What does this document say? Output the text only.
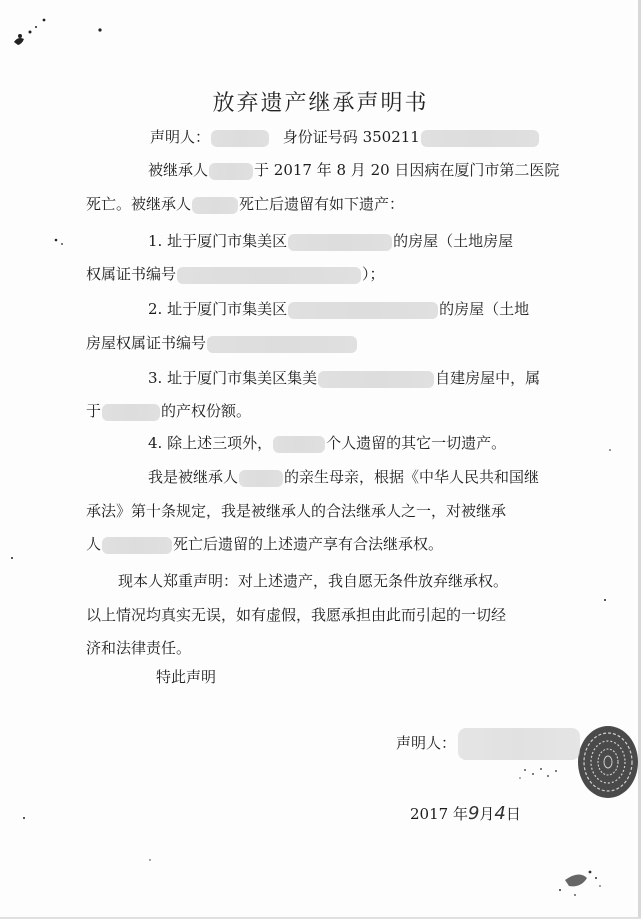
放弃遗产继承声明书
声明人：	身份证号码 350211
被继承人	于 2017 年 8 月 20 日因病在厦门市第二医院
死亡。被继承人	死亡后遗留有如下遗产：
1. 址于厦门市集美区	的房屋（土地房屋
权属证书编号	）；
2. 址于厦门市集美区	的房屋（土地
房屋权属证书编号
3. 址于厦门市集美区集美	自建房屋中，属
于	的产权份额。
4. 除上述三项外，	个人遗留的其它一切遗产。
我是被继承人	的亲生母亲，根据《中华人民共和国继
承法》第十条规定，我是被继承人的合法继承人之一，对被继承
人	死亡后遗留的上述遗产享有合法继承权。
现本人郑重声明：对上述遗产，我自愿无条件放弃继承权。
以上情况均真实无误，如有虚假，我愿承担由此而引起的一切经
济和法律责任。
特此声明
声明人：
2017 年9月4日
